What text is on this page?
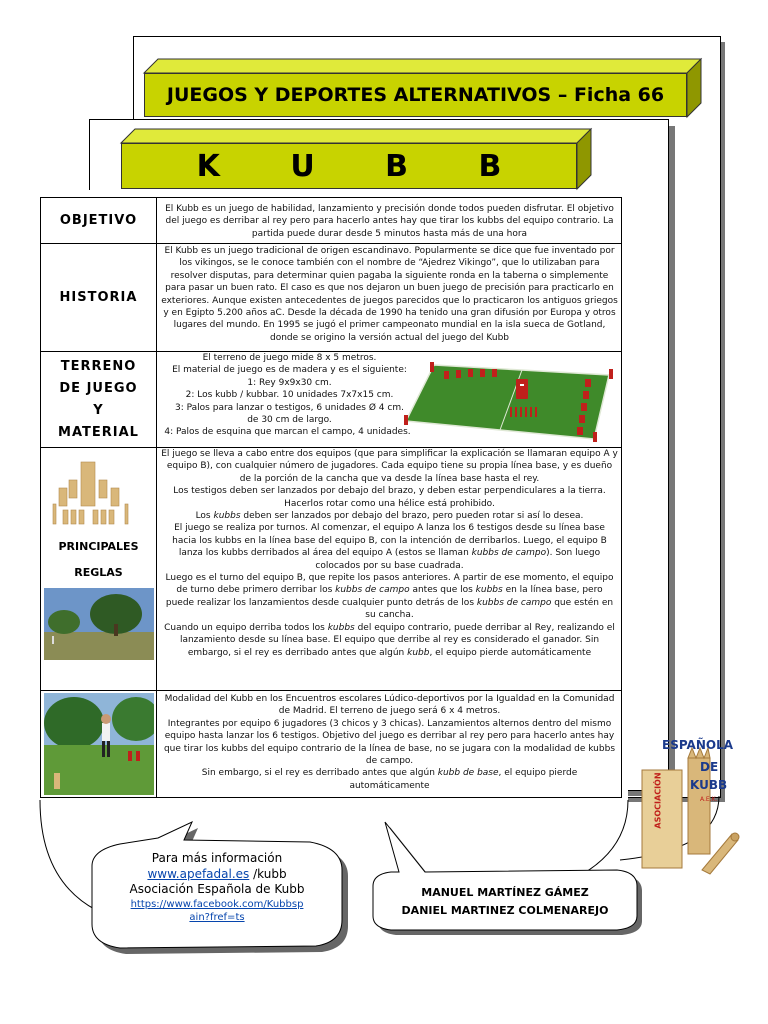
JUEGOS Y DEPORTES ALTERNATIVOS – Ficha 66
K U B B
OBJETIVO
El Kubb es un juego de habilidad, lanzamiento y precisión donde todos pueden disfrutar. El objetivo del juego es derribar al rey pero para hacerlo antes hay que tirar los kubbs del equipo contrario. La partida puede durar desde 5 minutos hasta más de una hora
HISTORIA
El Kubb es un juego tradicional de origen escandinavo. Popularmente se dice que fue inventado por los vikingos, se le conoce también con el nombre de “Ajedrez Vikingo”, que lo utilizaban para resolver disputas, para determinar quien pagaba la siguiente ronda en la taberna o simplemente para pasar un buen rato. El caso es que nos dejaron un buen juego de precisión para practicarlo en exteriores. Aunque existen antecedentes de juegos parecidos que lo practicaron los antiguos griegos y en Egipto 5.200 años aC. Desde la década de 1990 ha tenido una gran difusión por Europa y otros lugares del mundo. En 1995 se jugó el primer campeonato mundial en la isla sueca de Gotland, donde se origino la versión actual del juego del Kubb
TERRENO
DE JUEGO
Y
MATERIAL

El terreno de juego mide 8 x 5 metros.

El material de juego es de madera y es el siguiente:

1: Rey 9x9x30 cm.

2: Los kubb / kubbar. 10 unidades 7x7x15 cm.

3: Palos para lanzar o testigos, 6 unidades Ø 4 cm.

de 30 cm de largo.

4: Palos de esquina que marcan el campo, 4 unidades.

PRINCIPALES
REGLAS

El juego se lleva a cabo entre dos equipos (que para simplificar la explicación se llamaran equipo A y equipo B), con cualquier número de jugadores. Cada equipo tiene su propia línea base, y es dueño de la porción de la cancha que va desde la línea base hasta el rey.

Los testigos deben ser lanzados por debajo del brazo, y deben estar perpendiculares a la tierra. Hacerlos rotar como una hélice está prohibido.

Los kubbs deben ser lanzados por debajo del brazo, pero pueden rotar si así lo desea.

El juego se realiza por turnos. Al comenzar, el equipo A lanza los 6 testigos desde su línea base hacia los kubbs en la línea base del equipo B, con la intención de derribarlos. Luego, el equipo B lanza los kubbs derribados al área del equipo A (estos se llaman kubbs de campo). Son luego colocados por su base cuadrada.

Luego es el turno del equipo B, que repite los pasos anteriores. A partir de ese momento, el equipo de turno debe primero derribar los kubbs de campo antes que los kubbs en la línea base, pero puede realizar los lanzamientos desde cualquier punto detrás de los kubbs de campo que estén en su cancha.

Cuando un equipo derriba todos los kubbs del equipo contrario, puede derribar al Rey, realizando el lanzamiento desde su línea base. El equipo que derribe al rey es considerado el ganador. Sin embargo, si el rey es derribado antes que algún kubb, el equipo pierde automáticamente

Modalidad del Kubb en los Encuentros escolares Lúdico-deportivos por la Igualdad en la Comunidad de Madrid. El terreno de juego será 6 x 4 metros.

Integrantes por equipo 6 jugadores (3 chicos y 3 chicas). Lanzamientos alternos dentro del mismo equipo hasta lanzar los 6 testigos. Objetivo del juego es derribar al rey pero para hacerlo antes hay que tirar los kubbs del equipo contrario de la línea de base, no se jugara con la modalidad de kubbs de campo.

Sin embargo, si el rey es derribado antes que algún kubb de base, el equipo pierde automáticamente

Para más información
www.apefadal.es /kubb
Asociación Española de Kubb
https://www.facebook.com/Kubbsp
ain?fref=ts
MANUEL MARTÍNEZ GÁMEZ
DANIEL MARTINEZ COLMENAREJO
ESPAÑOLA
ASOCIACIÓN
DE
KUBB
A.E.K.
